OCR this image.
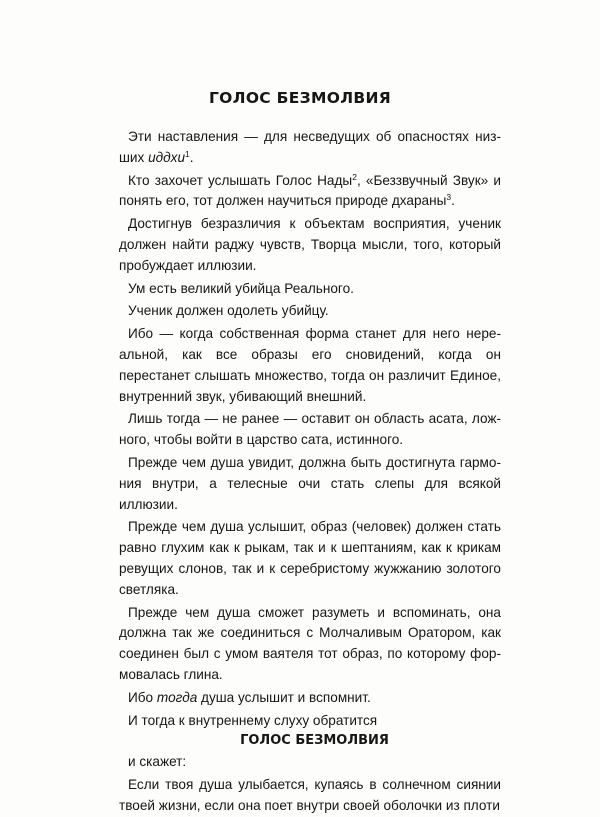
ГОЛОС БЕЗМОЛВИЯ

Эти наставления — для несведущих об опасностях низших иддхи$^1$.

Кто захочет услышать Голос Нады$^2$, «Беззвучный Звук» и понять его, тот должен научиться природе дхараны$^3$.

Достигнув безразличия к объектам восприятия, ученик должен найти раджу чувств, Творца мысли, того, который пробуждает иллюзии.

Ум есть великий убийца Реального.

Ученик должен одолеть убийцу.

Ибо — когда собственная форма станет для него нереальной, как все образы его сновидений, когда он перестанет слышать множество, тогда он различит Единое, внутренний звук, убивающий внешний.

Лишь тогда — не ранее — оставит он область асата, ложного, чтобы войти в царство сата, истинного.

Прежде чем душа увидит, должна быть достигнута гармония внутри, а телесные очи стать слепы для всякой иллюзии.

Прежде чем душа услышит, образ (человек) должен стать равно глухим как к рыкам, так и к шептаниям, как к крикам ревущих слонов, так и к серебристому жужжанию золотого светляка.

Прежде чем душа сможет разуметь и вспоминать, она должна так же соединиться с Молчаливым Оратором, как соединен был с умом ваятеля тот образ, по которому формовалась глина.

Ибо тогда душа услышит и вспомнит.

И тогда к внутреннему слуху обратится

ГОЛОС БЕЗМОЛВИЯ

и скажет:

Если твоя душа улыбается, купаясь в солнечном сиянии твоей жизни, если она поет внутри своей оболочки из плоти
